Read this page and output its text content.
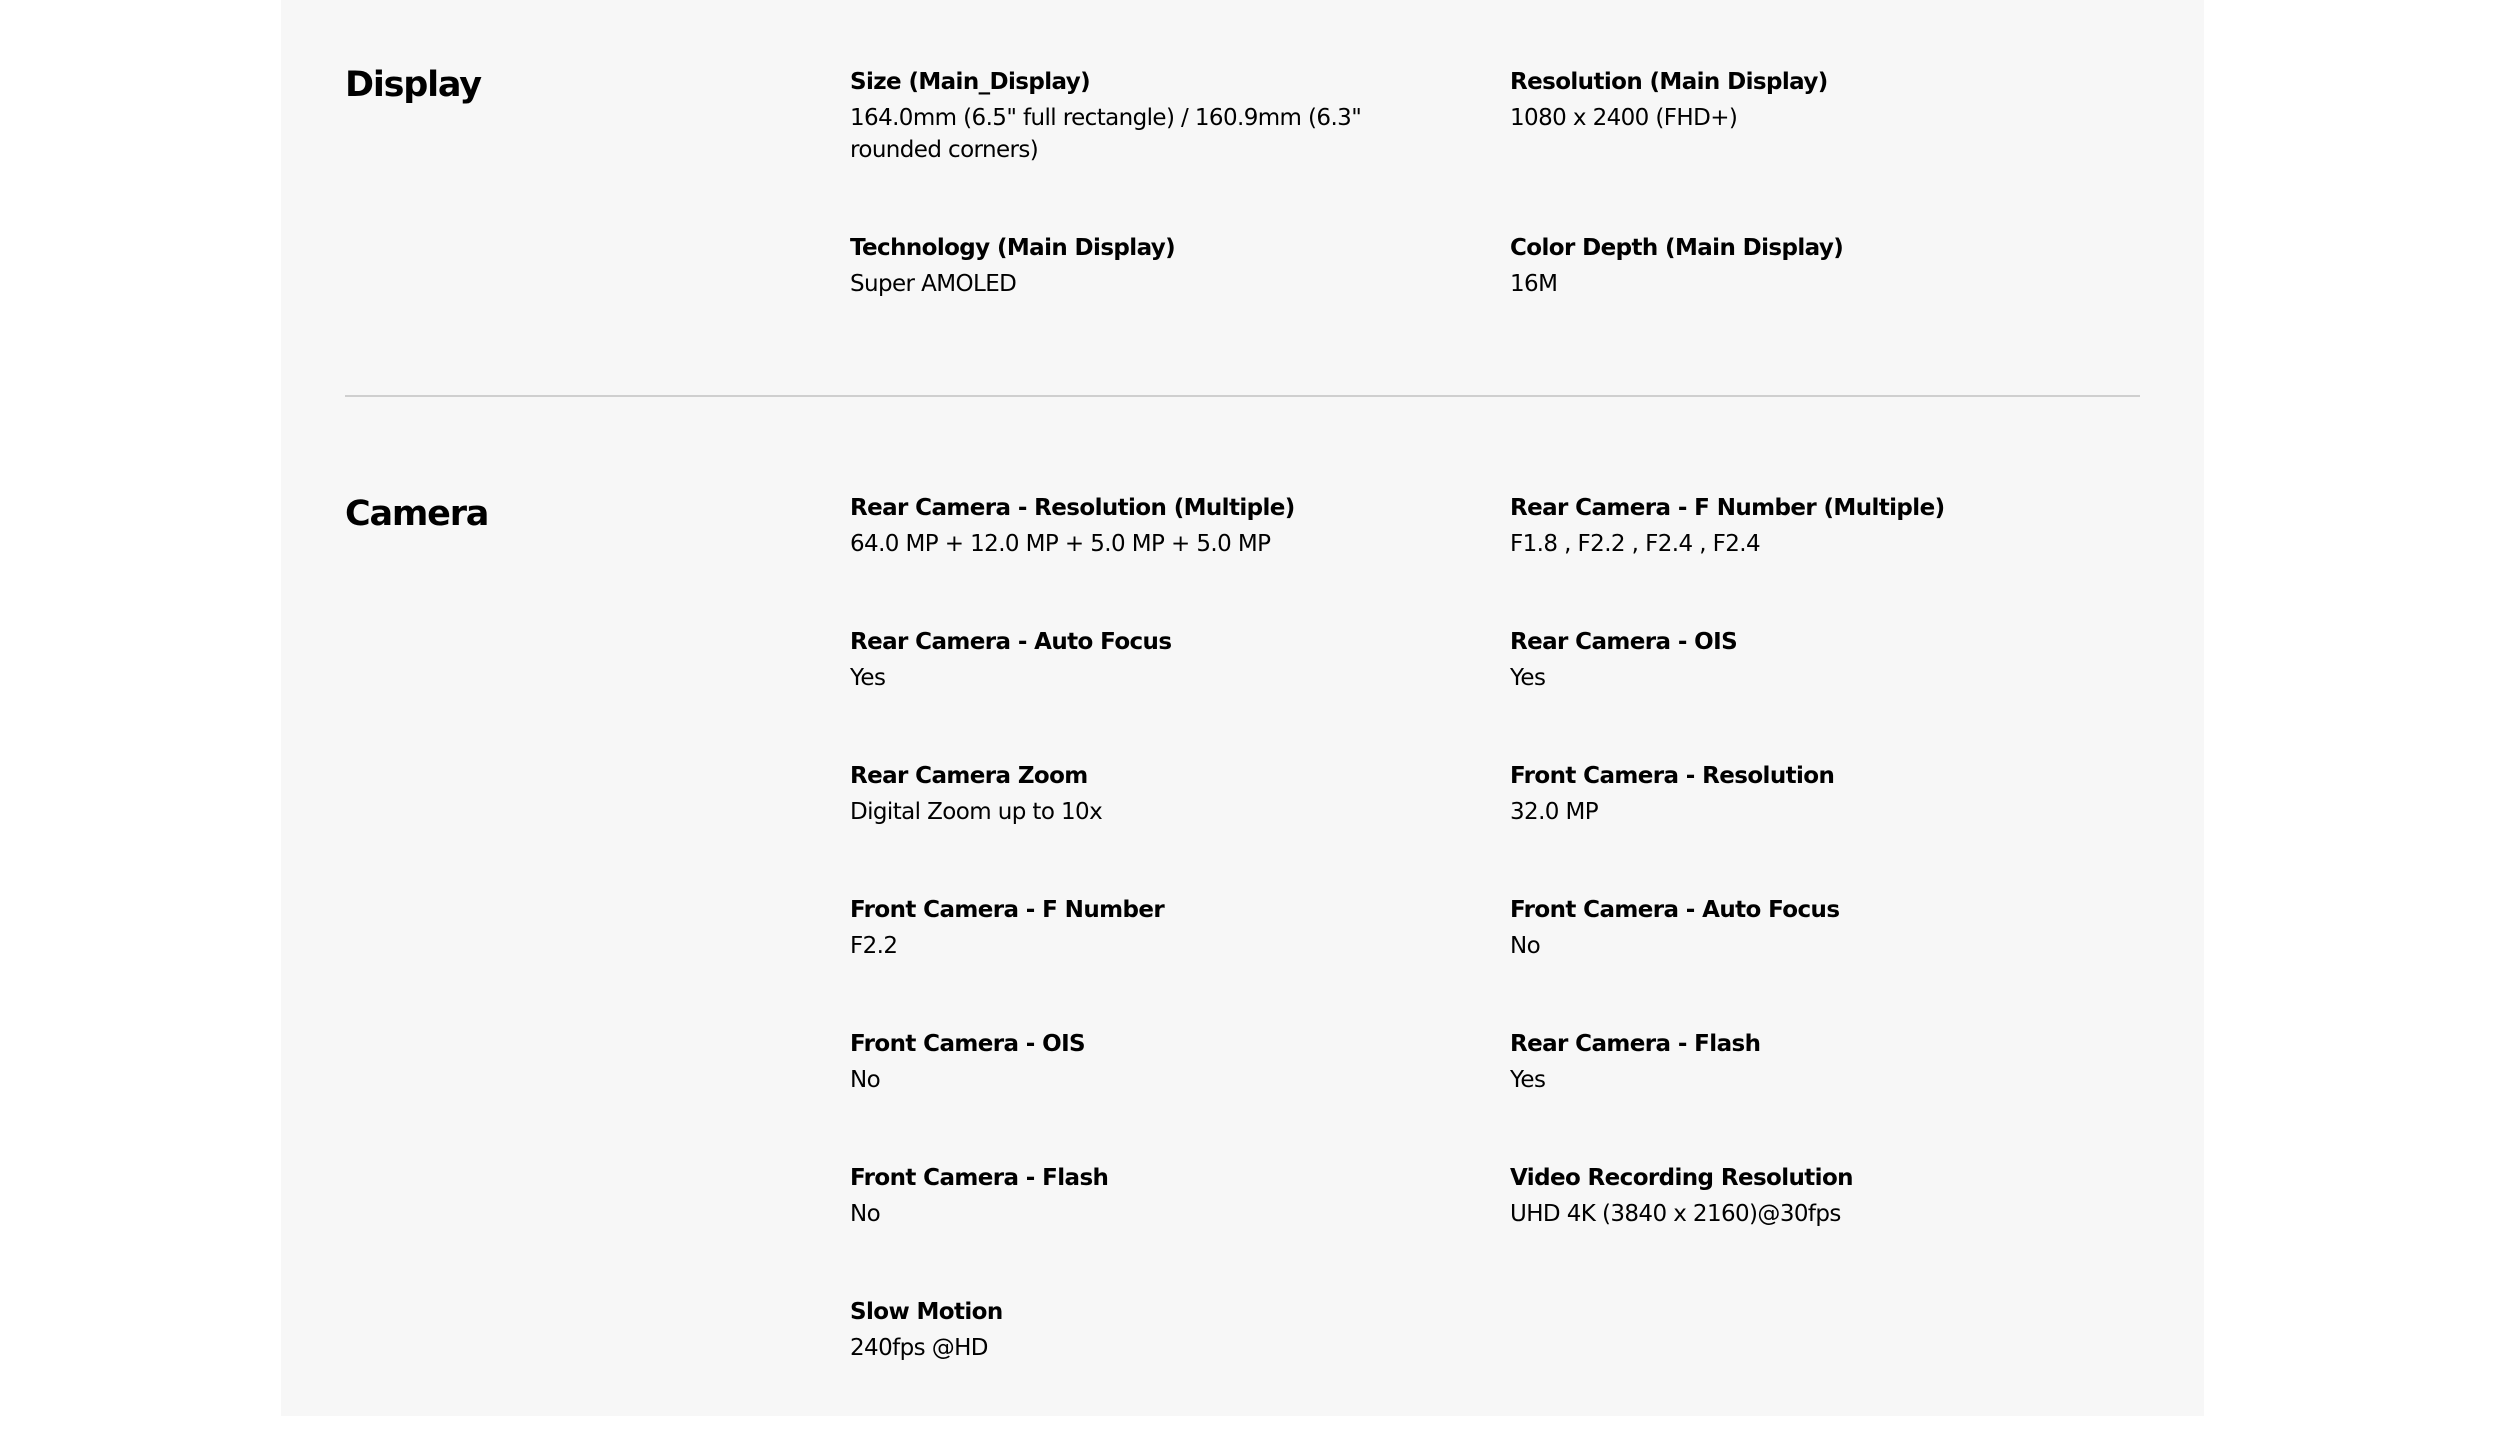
Display	Size (Main_Display)

164.0mm (6.5" full rectangle) / 160.9mm (6.3" rounded corners)

Resolution (Main Display)

1080 x 2400 (FHD+)

Technology (Main Display)

Super AMOLED

Color Depth (Main Display)

16M

Camera	Rear Camera - Resolution (Multiple)

64.0 MP + 12.0 MP + 5.0 MP + 5.0 MP

Rear Camera - F Number (Multiple)

F1.8 , F2.2 , F2.4 , F2.4

Rear Camera - Auto Focus

Yes

Rear Camera - OIS

Yes

Rear Camera Zoom

Digital Zoom up to 10x

Front Camera - Resolution

32.0 MP

Front Camera - F Number

F2.2

Front Camera - Auto Focus

No

Front Camera - OIS

No

Rear Camera - Flash

Yes

Front Camera - Flash

No

Video Recording Resolution

UHD 4K (3840 x 2160)@30fps

Slow Motion

240fps @HD
